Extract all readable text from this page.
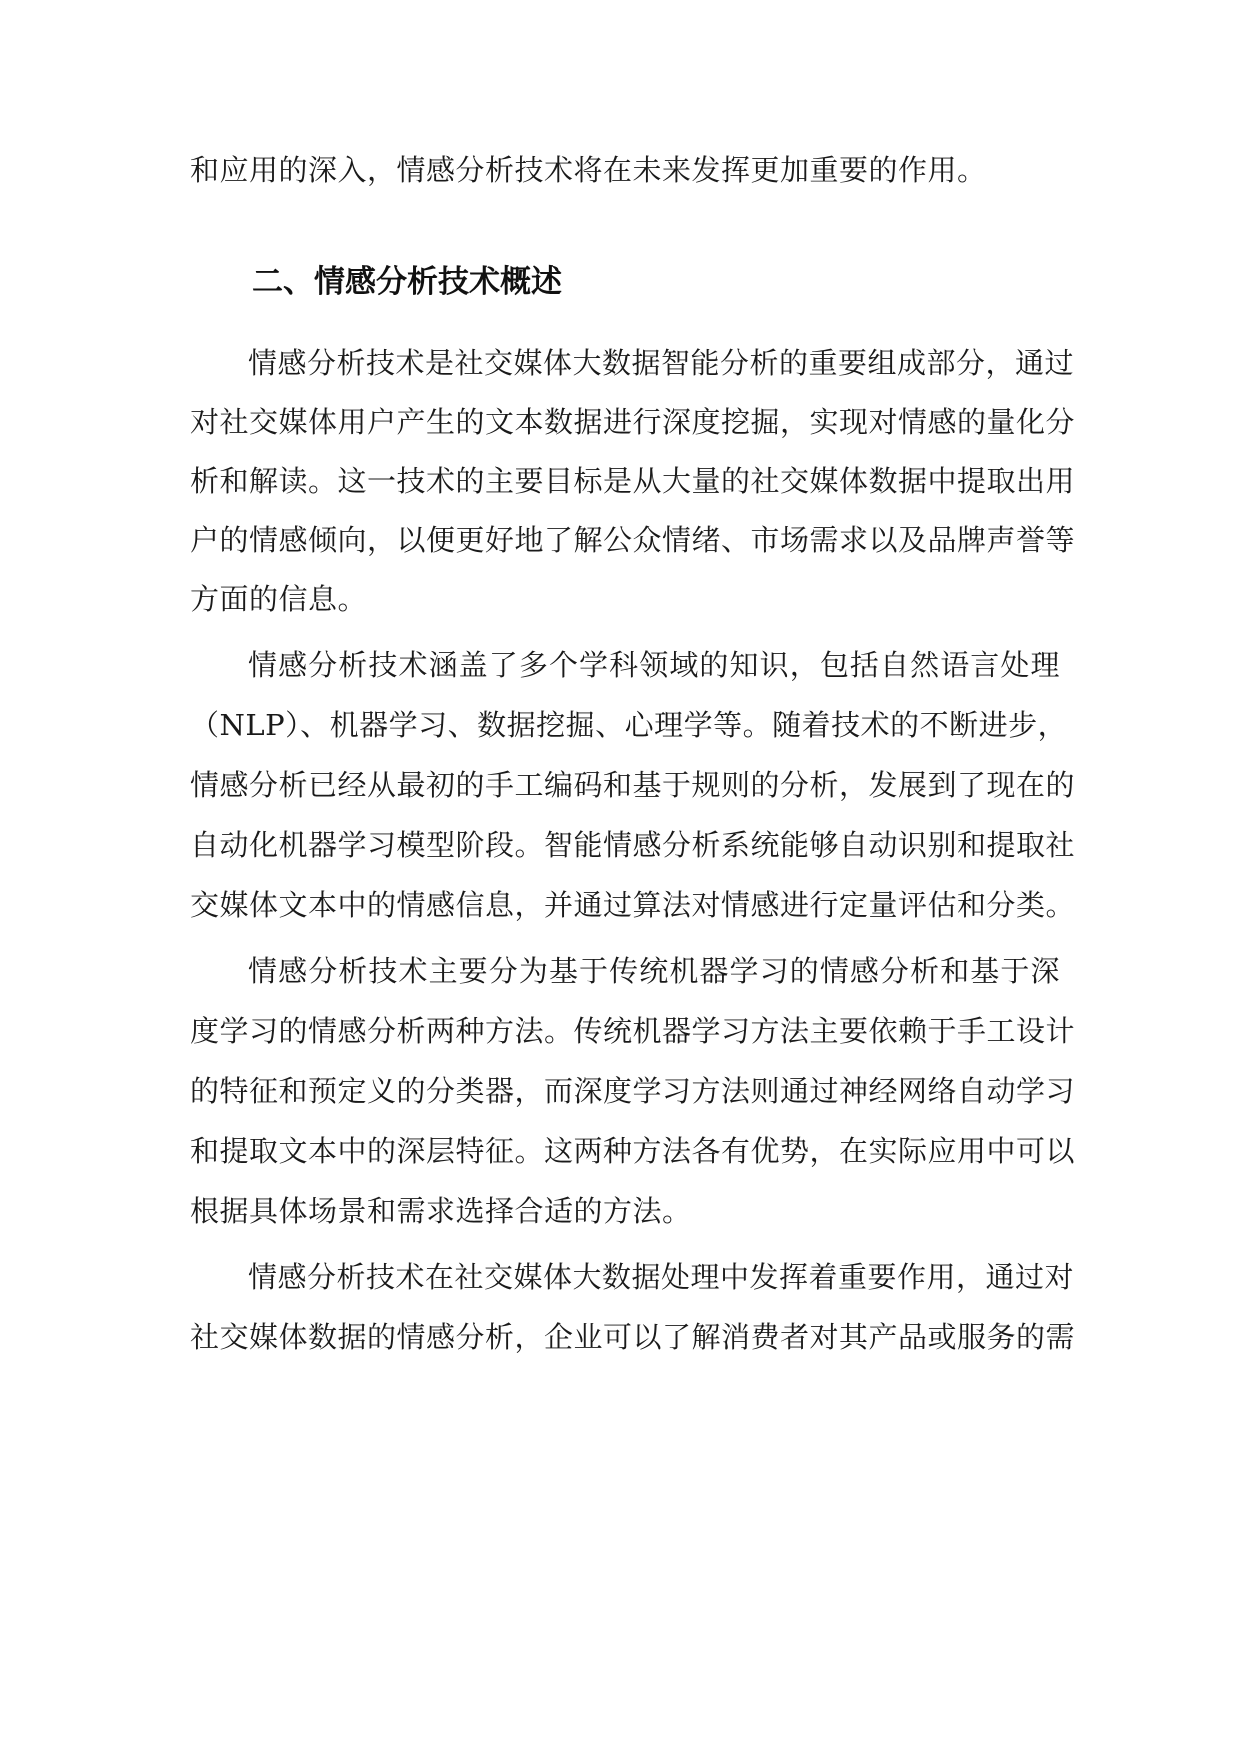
和应用的深入，情感分析技术将在未来发挥更加重要的作用。
二、情感分析技术概述
情感分析技术是社交媒体大数据智能分析的重要组成部分，通过
对社交媒体用户产生的文本数据进行深度挖掘，实现对情感的量化分
析和解读。这一技术的主要目标是从大量的社交媒体数据中提取出用
户的情感倾向，以便更好地了解公众情绪、市场需求以及品牌声誉等
方面的信息。
情感分析技术涵盖了多个学科领域的知识，包括自然语言处理
（NLP）、机器学习、数据挖掘、心理学等。随着技术的不断进步，
情感分析已经从最初的手工编码和基于规则的分析，发展到了现在的
自动化机器学习模型阶段。智能情感分析系统能够自动识别和提取社
交媒体文本中的情感信息，并通过算法对情感进行定量评估和分类。
情感分析技术主要分为基于传统机器学习的情感分析和基于深
度学习的情感分析两种方法。传统机器学习方法主要依赖于手工设计
的特征和预定义的分类器，而深度学习方法则通过神经网络自动学习
和提取文本中的深层特征。这两种方法各有优势，在实际应用中可以
根据具体场景和需求选择合适的方法。
情感分析技术在社交媒体大数据处理中发挥着重要作用，通过对
社交媒体数据的情感分析，企业可以了解消费者对其产品或服务的需
